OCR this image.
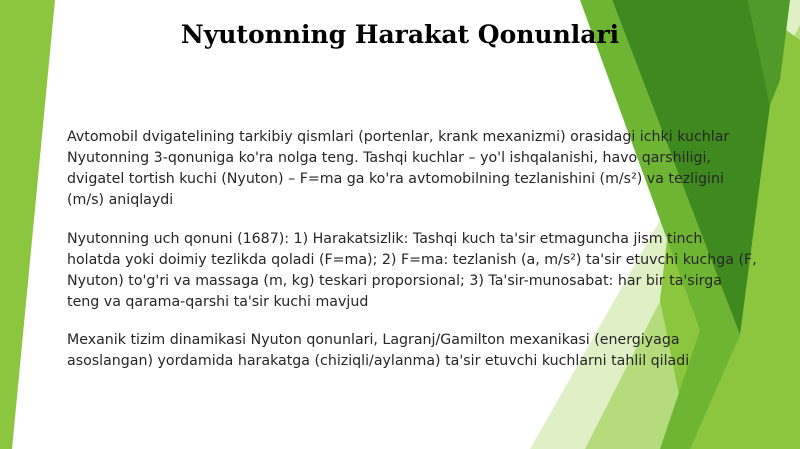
Nyutonning Harakat Qonunlari

Avtomobil dvigatelining tarkibiy qismlari (portenlar, krank mexanizmi) orasidagi ichki kuchlar Nyutonning 3-qonuniga ko'ra nolga teng. Tashqi kuchlar – yo'l ishqalanishi, havo qarshiligi, dvigatel tortish kuchi (Nyuton) – F=ma ga ko'ra avtomobilning tezlanishini (m/s²) va tezligini (m/s) aniqlaydi

Nyutonning uch qonuni (1687): 1) Harakatsizlik: Tashqi kuch ta'sir etmaguncha jism tinch holatda yoki doimiy tezlikda qoladi (F=ma); 2) F=ma: tezlanish (a, m/s²) ta'sir etuvchi kuchga (F, Nyuton) to'g'ri va massaga (m, kg) teskari proporsional; 3) Ta'sir-munosabat: har bir ta'sirga teng va qarama-qarshi ta'sir kuchi mavjud

Mexanik tizim dinamikasi Nyuton qonunlari, Lagranj/Gamilton mexanikasi (energiyaga asoslangan) yordamida harakatga (chiziqli/aylanma) ta'sir etuvchi kuchlarni tahlil qiladi
